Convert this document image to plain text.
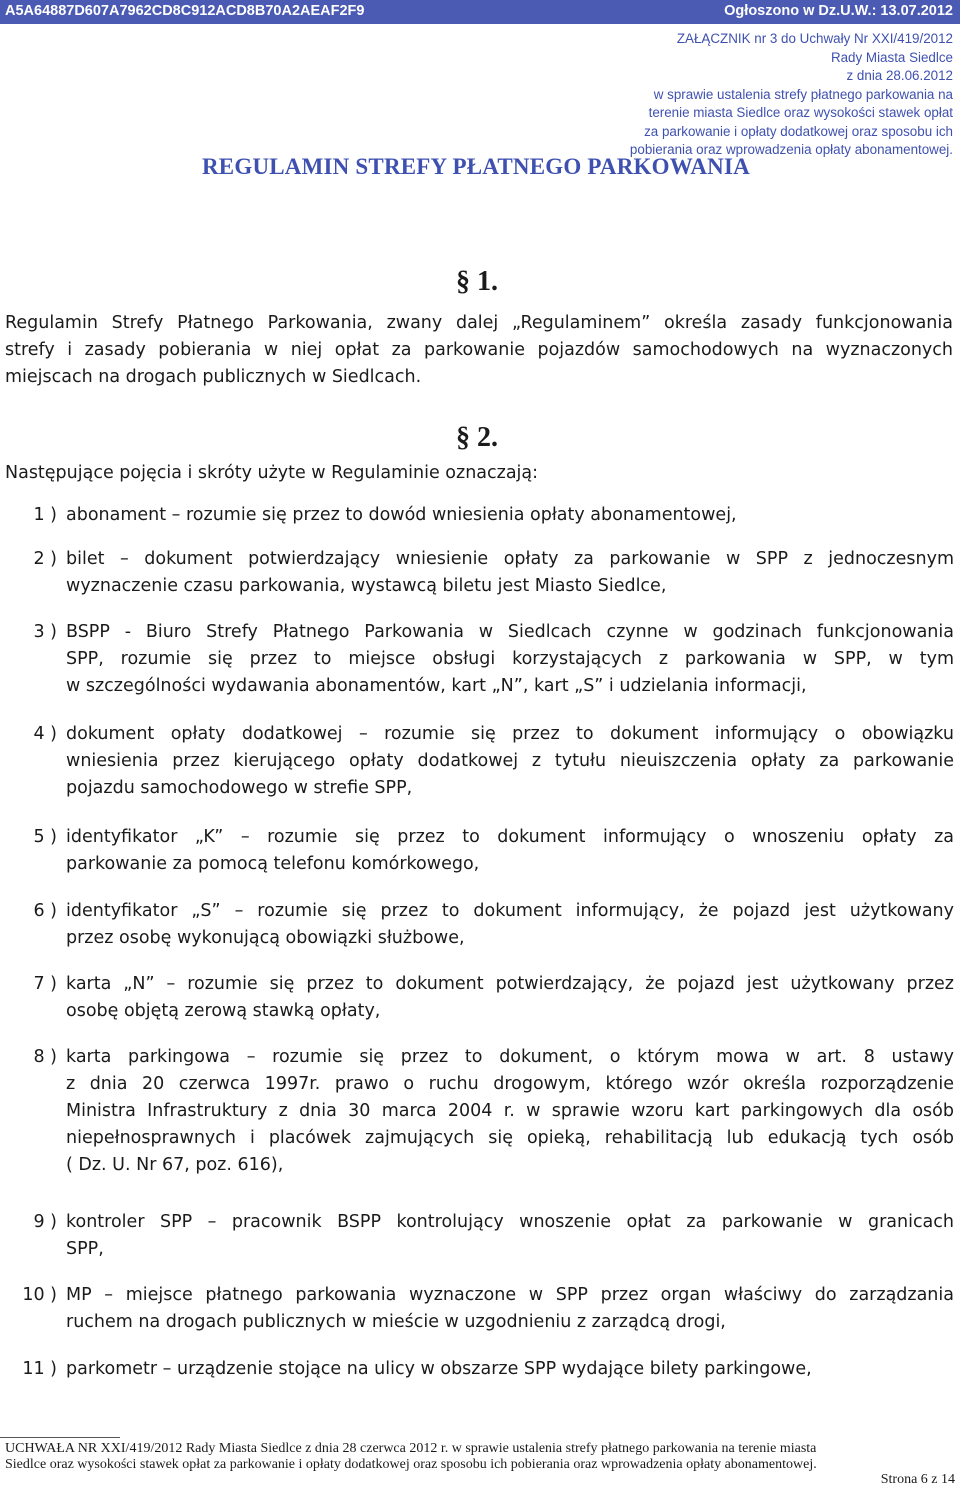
A5A64887D607A7962CD8C912ACD8B70A2AEAF2F9	Ogłoszono w Dz.U.W.: 13.07.2012
ZAŁĄCZNIK nr 3 do Uchwały Nr XXI/419/2012
Rady Miasta Siedlce
z dnia 28.06.2012
w sprawie ustalenia strefy płatnego parkowania na
terenie miasta Siedlce oraz wysokości stawek opłat
za parkowanie i opłaty dodatkowej oraz sposobu ich
pobierania oraz wprowadzenia opłaty abonamentowej.
REGULAMIN STREFY PŁATNEGO PARKOWANIA
§ 1.
Regulamin Strefy Płatnego Parkowania, zwany dalej „Regulaminem” określa zasady funkcjonowania
strefy i zasady pobierania w niej opłat za parkowanie pojazdów samochodowych na wyznaczonych
miejscach na drogach publicznych w Siedlcach.
§ 2.
Następujące pojęcia i skróty użyte w Regulaminie oznaczają:
1 ) abonament – rozumie się przez to dowód wniesienia opłaty abonamentowej,
2 ) bilet – dokument potwierdzający wniesienie opłaty za parkowanie w SPP z jednoczesnym
wyznaczenie czasu parkowania, wystawcą biletu jest Miasto Siedlce,
3 ) BSPP - Biuro Strefy Płatnego Parkowania w Siedlcach czynne w godzinach funkcjonowania
SPP, rozumie się przez to miejsce obsługi korzystających z parkowania w SPP, w tym
w szczególności wydawania abonamentów, kart „N”, kart „S” i udzielania informacji,
4 ) dokument opłaty dodatkowej – rozumie się przez to dokument informujący o obowiązku
wniesienia przez kierującego opłaty dodatkowej z tytułu nieuiszczenia opłaty za parkowanie
pojazdu samochodowego w strefie SPP,
5 ) identyfikator „K” – rozumie się przez to dokument informujący o wnoszeniu opłaty za
parkowanie za pomocą telefonu komórkowego,
6 ) identyfikator „S” – rozumie się przez to dokument informujący, że pojazd jest użytkowany
przez osobę wykonującą obowiązki służbowe,
7 ) karta „N” – rozumie się przez to dokument potwierdzający, że pojazd jest użytkowany przez
osobę objętą zerową stawką opłaty,
8 ) karta parkingowa – rozumie się przez to dokument, o którym mowa w art. 8 ustawy
z dnia 20 czerwca 1997r. prawo o ruchu drogowym, którego wzór określa rozporządzenie
Ministra Infrastruktury z dnia 30 marca 2004 r. w sprawie wzoru kart parkingowych dla osób
niepełnosprawnych i placówek zajmujących się opieką, rehabilitacją lub edukacją tych osób
( Dz. U. Nr 67, poz. 616),
9 ) kontroler SPP – pracownik BSPP kontrolujący wnoszenie opłat za parkowanie w granicach
SPP,
10 ) MP – miejsce płatnego parkowania wyznaczone w SPP przez organ właściwy do zarządzania
ruchem na drogach publicznych w mieście w uzgodnieniu z zarządcą drogi,
11 ) parkometr – urządzenie stojące na ulicy w obszarze SPP wydające bilety parkingowe,
UCHWAŁA NR XXI/419/2012 Rady Miasta Siedlce z dnia 28 czerwca 2012 r. w sprawie ustalenia strefy płatnego parkowania na terenie miasta
Siedlce oraz wysokości stawek opłat za parkowanie i opłaty dodatkowej oraz sposobu ich pobierania oraz wprowadzenia opłaty abonamentowej.
Strona 6 z 14
